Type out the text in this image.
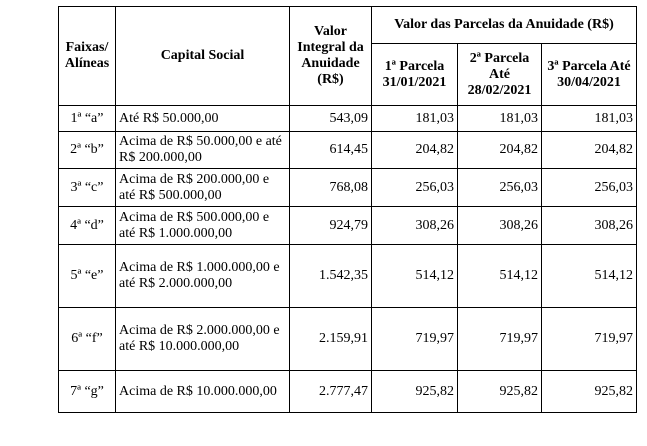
Faixas/ Alíneas	Capital Social	Valor Integral da Anuidade (R$)	Valor das Parcelas da Anuidade (R$)		
			1ª Parcela 31/01/2021	2ª Parcela Até 28/02/2021	3ª Parcela Até 30/04/2021
1ª “a”	Até R$ 50.000,00	543,09	181,03	181,03	181,03
2ª “b”	Acima de R$ 50.000,00 e até R$ 200.000,00	614,45	204,82	204,82	204,82
3ª “c”	Acima de R$ 200.000,00 e até R$ 500.000,00	768,08	256,03	256,03	256,03
4ª “d”	Acima de R$ 500.000,00 e até R$ 1.000.000,00	924,79	308,26	308,26	308,26
5ª “e”	Acima de R$ 1.000.000,00 e até R$ 2.000.000,00	1.542,35	514,12	514,12	514,12
6ª “f”	Acima de R$ 2.000.000,00 e até R$ 10.000.000,00	2.159,91	719,97	719,97	719,97
7ª “g”	Acima de R$ 10.000.000,00	2.777,47	925,82	925,82	925,82
